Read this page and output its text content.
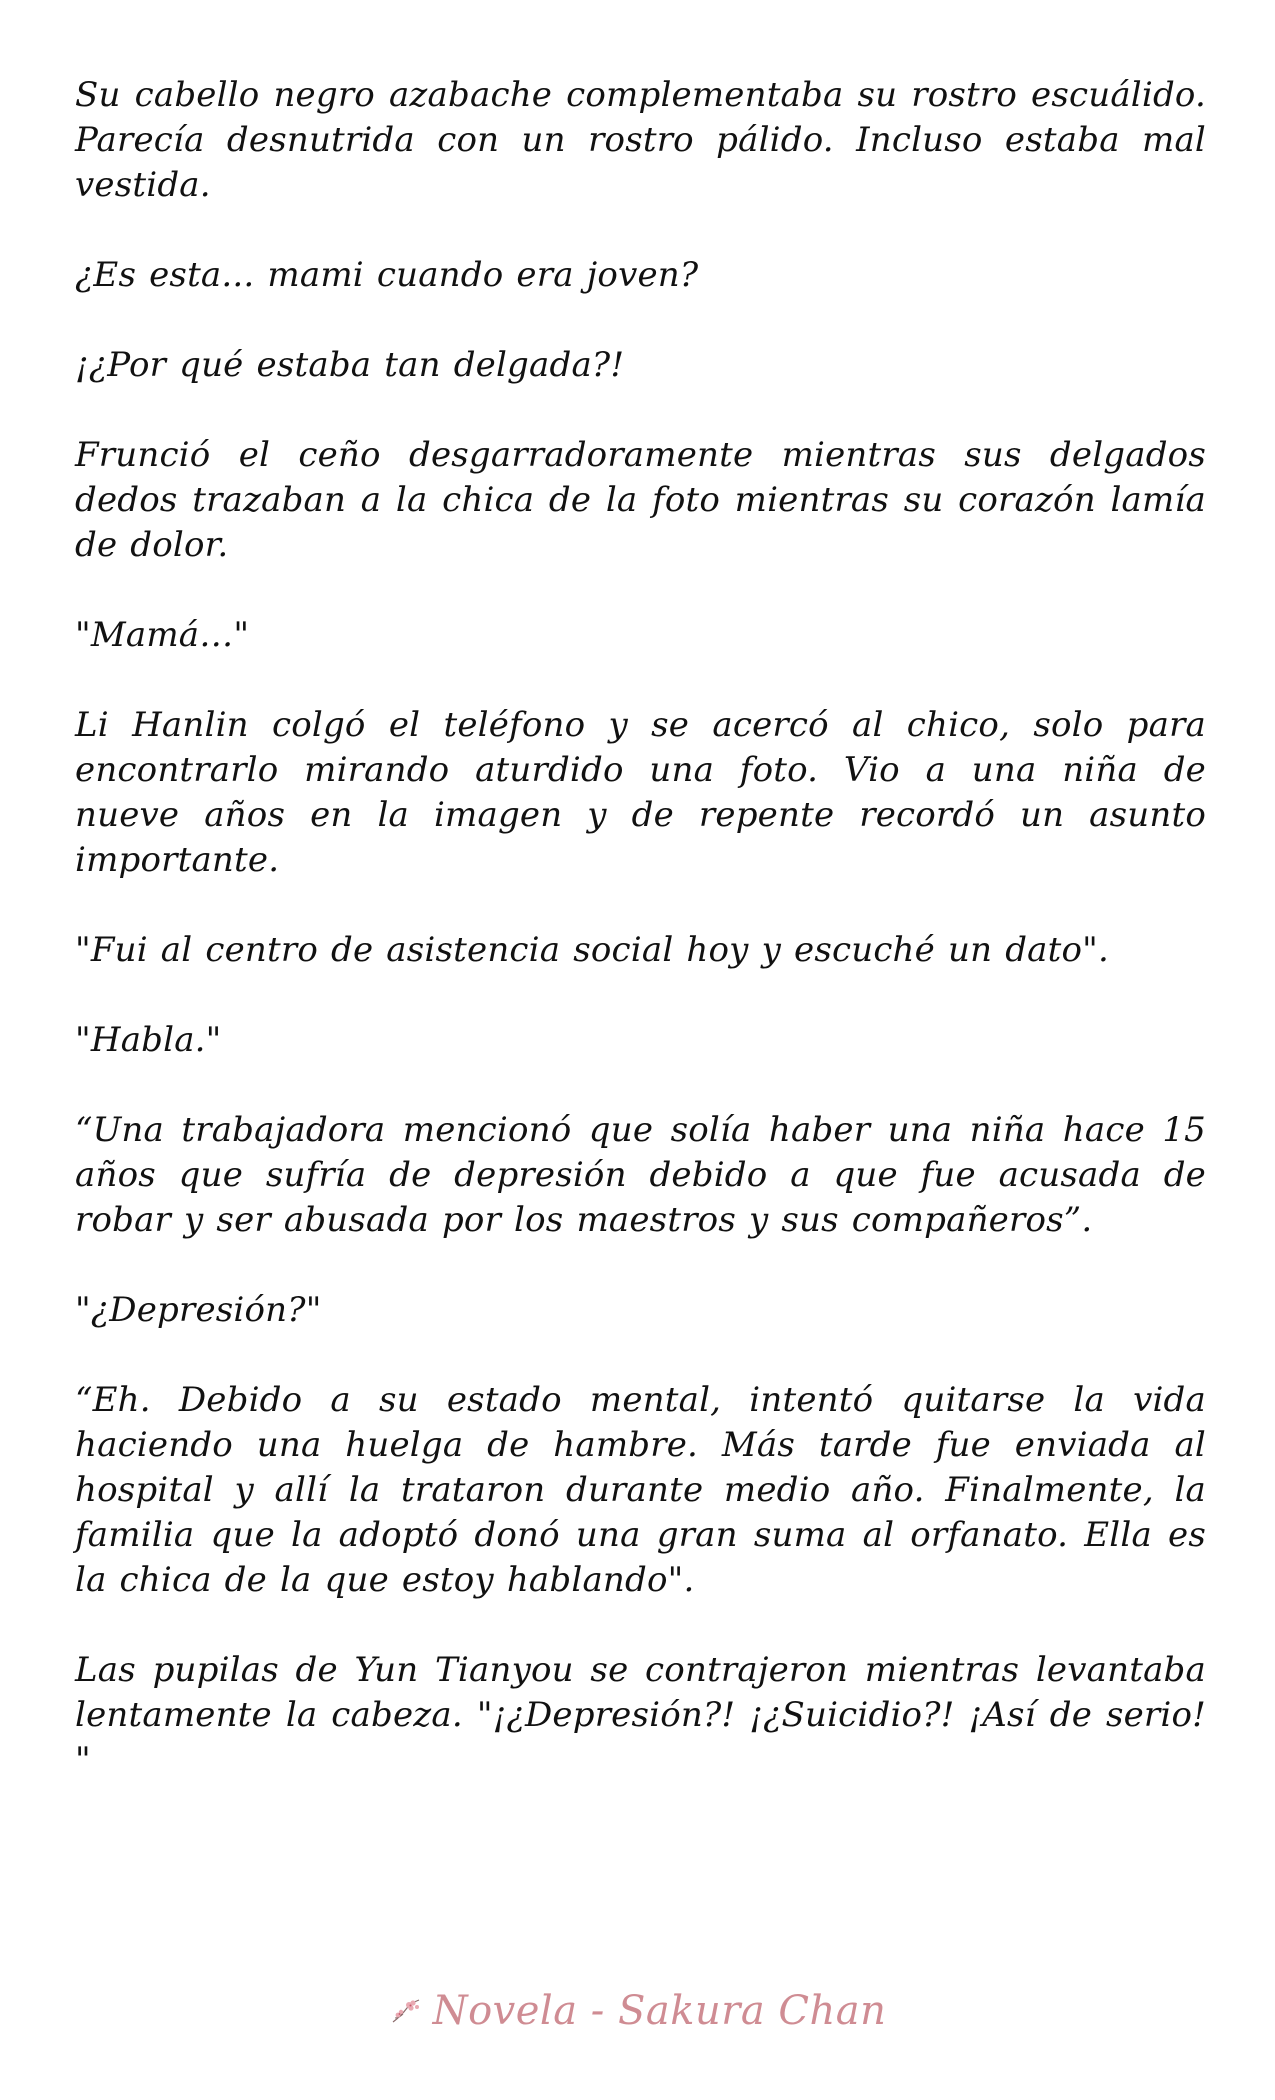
Su cabello negro azabache complementaba su rostro escuálido. Parecía desnutrida con un rostro pálido. Incluso estaba mal vestida.

¿Es esta... mami cuando era joven?

¡¿Por qué estaba tan delgada?!

Frunció el ceño desgarradoramente mientras sus delgados dedos trazaban a la chica de la foto mientras su corazón lamía de dolor.

"Mamá…"

Li Hanlin colgó el teléfono y se acercó al chico, solo para encontrarlo mirando aturdido una foto. Vio a una niña de nueve años en la imagen y de repente recordó un asunto importante.

"Fui al centro de asistencia social hoy y escuché un dato".

"Habla."

“Una trabajadora mencionó que solía haber una niña hace 15 años que sufría de depresión debido a que fue acusada de robar y ser abusada por los maestros y sus compañeros”.

"¿Depresión?"

“Eh. Debido a su estado mental, intentó quitarse la vida haciendo una huelga de hambre. Más tarde fue enviada al hospital y allí la trataron durante medio año. Finalmente, la familia que la adoptó donó una gran suma al orfanato. Ella es la chica de la que estoy hablando".

Las pupilas de Yun Tianyou se contrajeron mientras levantaba lentamente la cabeza. "¡¿Depresión?! ¡¿Suicidio?! ¡Así de serio! "

Novela - Sakura Chan
